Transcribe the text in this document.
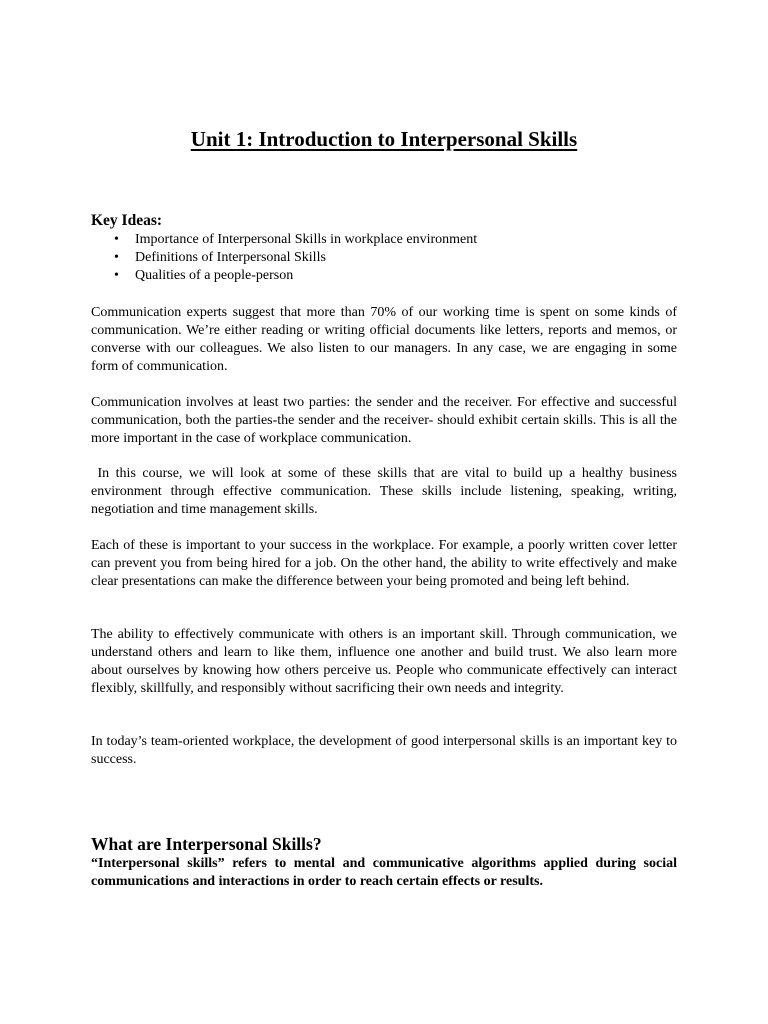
Unit 1: Introduction to Interpersonal Skills
Key Ideas:
• Importance of Interpersonal Skills in workplace environment
• Definitions of Interpersonal Skills
• Qualities of a people-person

Communication experts suggest that more than 70% of our working time is spent on some kinds of communication. We’re either reading or writing official documents like letters, reports and memos, or converse with our colleagues. We also listen to our managers. In any case, we are engaging in some form of communication.

Communication involves at least two parties: the sender and the receiver. For effective and successful communication, both the parties-the sender and the receiver- should exhibit certain skills. This is all the more important in the case of workplace communication.

In this course, we will look at some of these skills that are vital to build up a healthy business environment through effective communication. These skills include listening, speaking, writing, negotiation and time management skills.

Each of these is important to your success in the workplace. For example, a poorly written cover letter can prevent you from being hired for a job. On the other hand, the ability to write effectively and make clear presentations can make the difference between your being promoted and being left behind.

The ability to effectively communicate with others is an important skill. Through communication, we understand others and learn to like them, influence one another and build trust. We also learn more about ourselves by knowing how others perceive us. People who communicate effectively can interact flexibly, skillfully, and responsibly without sacrificing their own needs and integrity.

In today’s team-oriented workplace, the development of good interpersonal skills is an important key to success.

What are Interpersonal Skills?

“Interpersonal skills” refers to mental and communicative algorithms applied during social communications and interactions in order to reach certain effects or results.
